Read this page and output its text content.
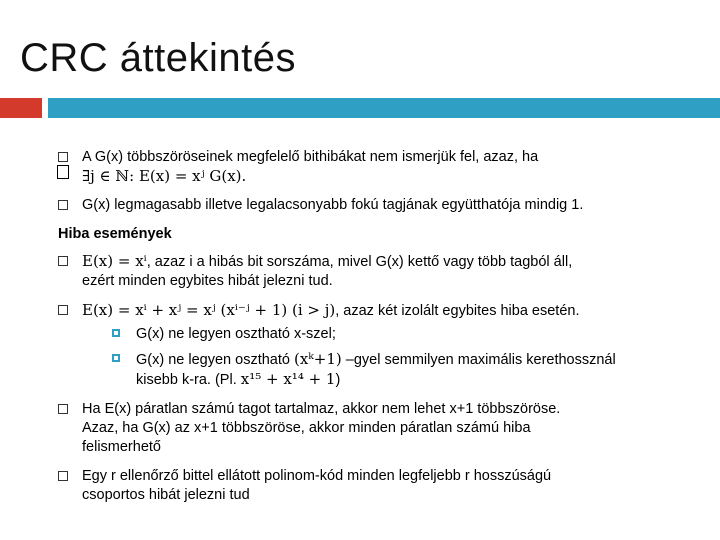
CRC áttekintés
A G(x) többszöröseinek megfelelő bithibákat nem ismerjük fel, azaz, ha
∃j ∈ ℕ: E(x) = xʲ G(x).
G(x) legmagasabb illetve legalacsonyabb fokú tagjának együtthatója mindig 1.
Hiba események
E(x) = xⁱ, azaz i a hibás bit sorszáma, mivel G(x) kettő vagy több tagból áll,
ezért minden egybites hibát jelezni tud.
E(x) = xⁱ + xʲ = xʲ (xⁱ⁻ʲ + 1) (i > j), azaz két izolált egybites hiba esetén.
G(x) ne legyen osztható x-szel;
G(x) ne legyen osztható (xᵏ+1) –gyel semmilyen maximális kerethossznál
kisebb k-ra. (Pl. x¹⁵ + x¹⁴ + 1)
Ha E(x) páratlan számú tagot tartalmaz, akkor nem lehet x+1 többszöröse.
Azaz, ha G(x) az x+1 többszöröse, akkor minden páratlan számú hiba
felismerhető
Egy r ellenőrző bittel ellátott polinom-kód minden legfeljebb r hosszúságú
csoportos hibát jelezni tud
